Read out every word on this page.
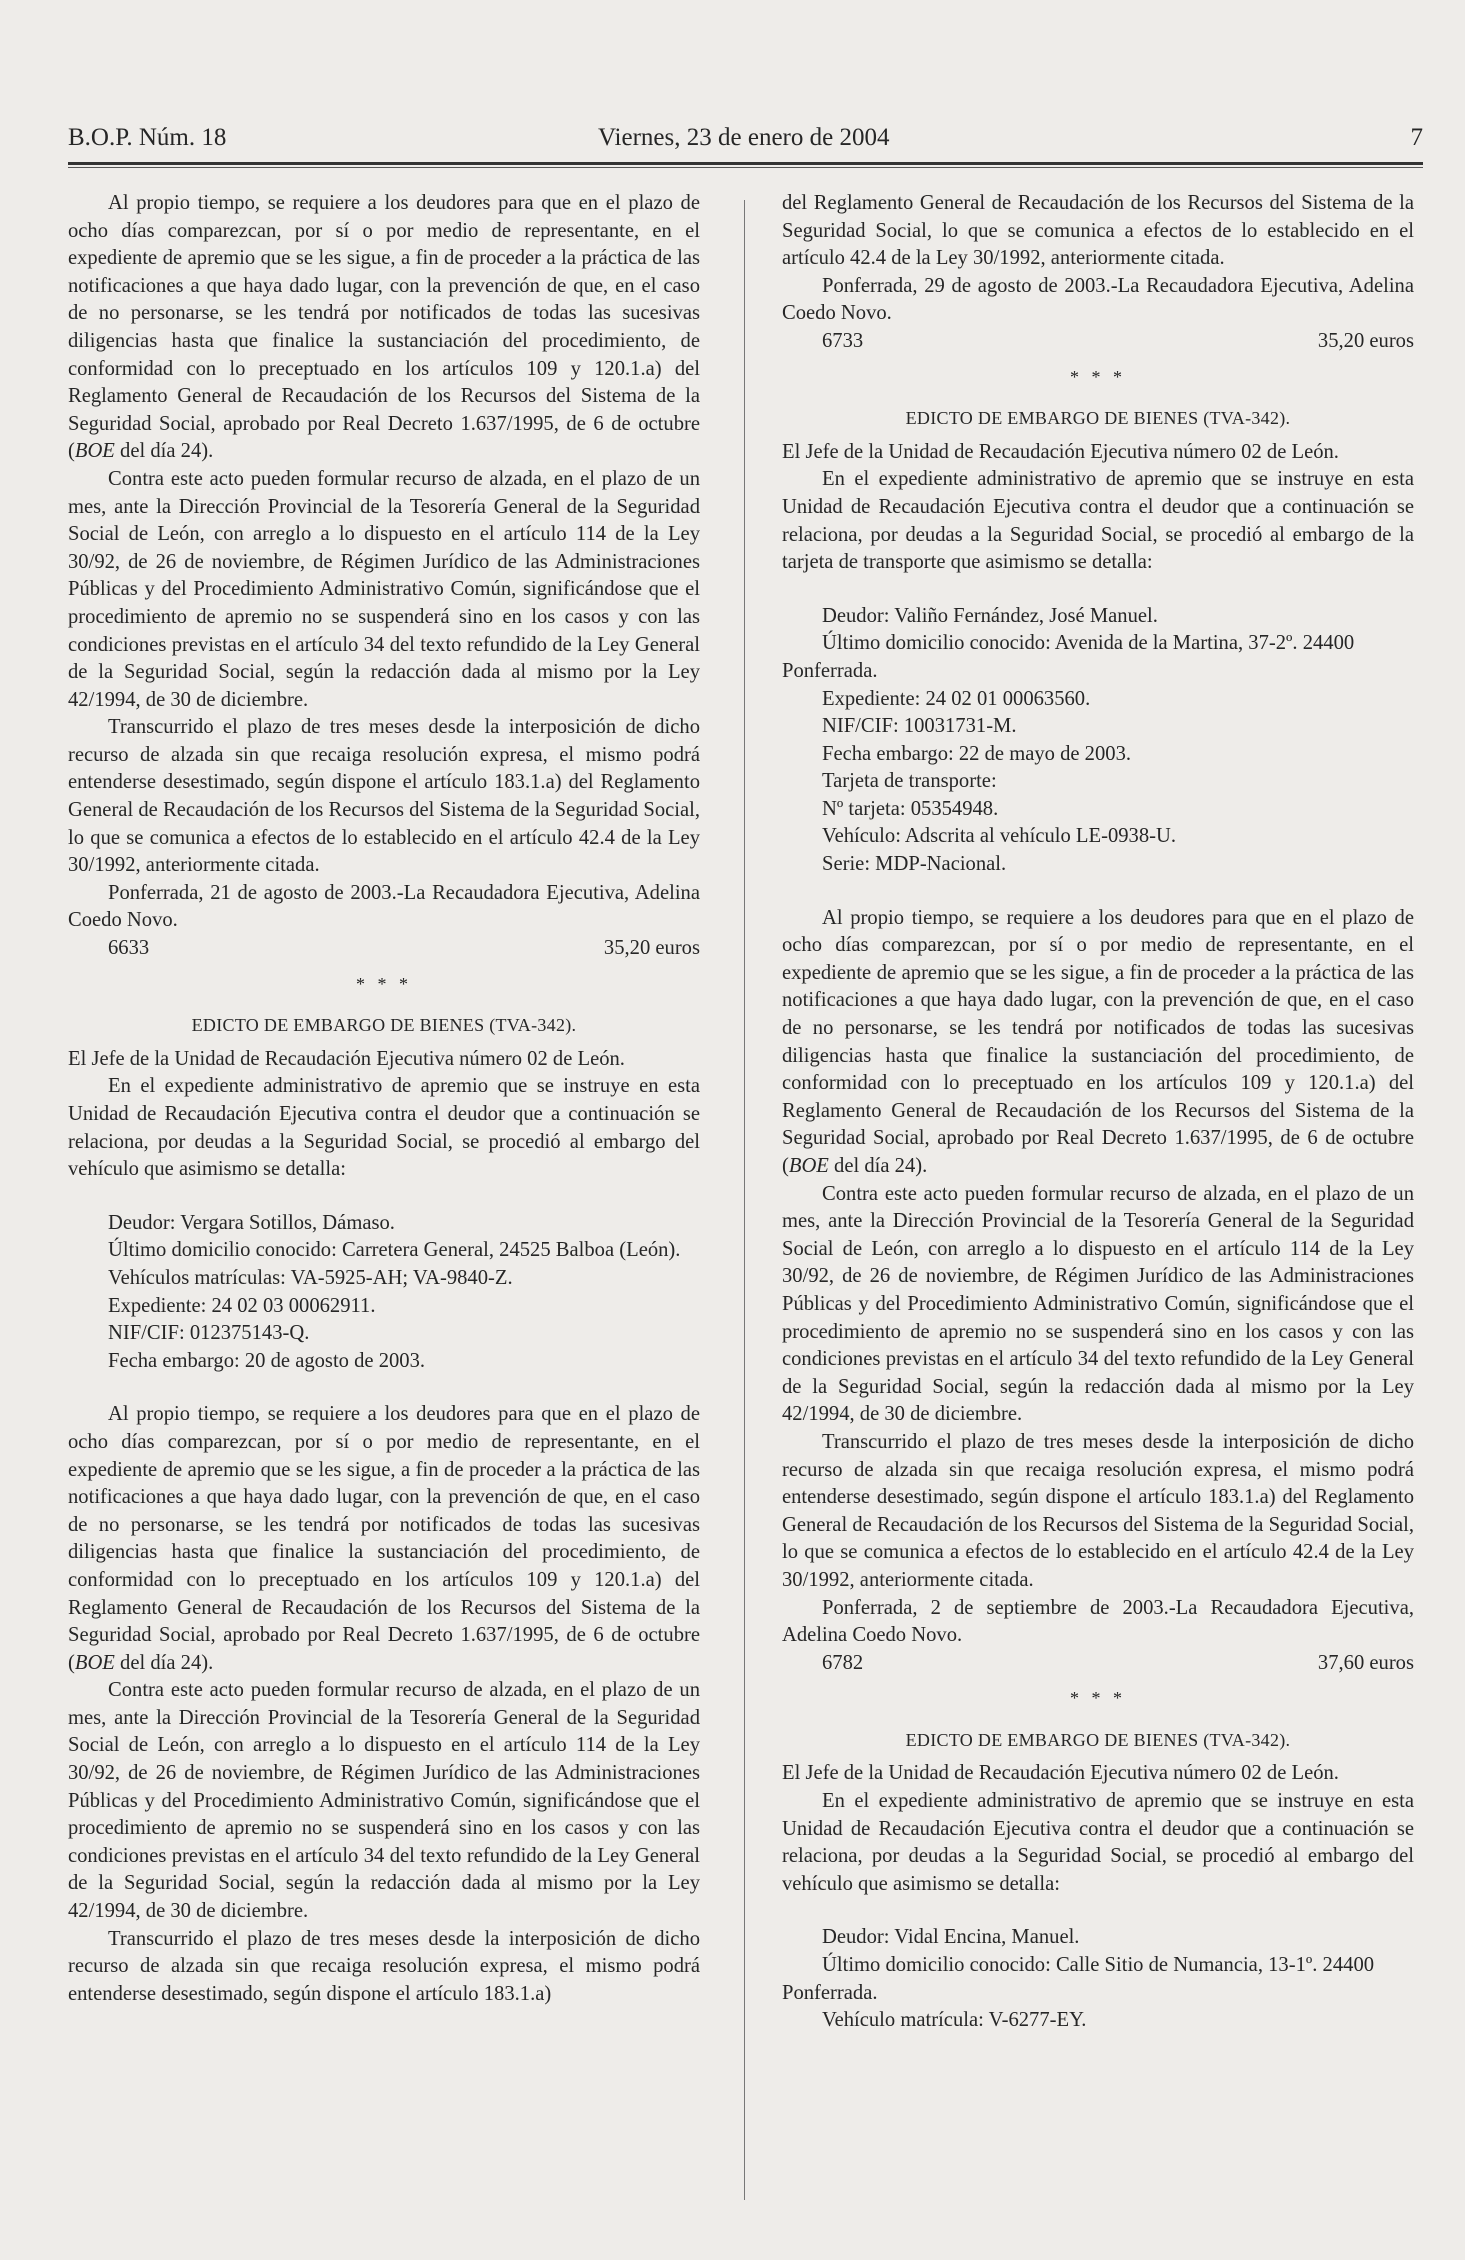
B.O.P. Núm. 18	Viernes, 23 de enero de 2004	7

Al propio tiempo, se requiere a los deudores para que en el plazo de ocho días comparezcan, por sí o por medio de representante, en el expediente de apremio que se les sigue, a fin de proceder a la práctica de las notificaciones a que haya dado lugar, con la prevención de que, en el caso de no personarse, se les tendrá por notificados de todas las sucesivas diligencias hasta que finalice la sustanciación del procedimiento, de conformidad con lo preceptuado en los artículos 109 y 120.1.a) del Reglamento General de Recaudación de los Recursos del Sistema de la Seguridad Social, aprobado por Real Decreto 1.637/1995, de 6 de octubre (BOE del día 24).

Contra este acto pueden formular recurso de alzada, en el plazo de un mes, ante la Dirección Provincial de la Tesorería General de la Seguridad Social de León, con arreglo a lo dispuesto en el artículo 114 de la Ley 30/92, de 26 de noviembre, de Régimen Jurídico de las Administraciones Públicas y del Procedimiento Administrativo Común, significándose que el procedimiento de apremio no se suspenderá sino en los casos y con las condiciones previstas en el artículo 34 del texto refundido de la Ley General de la Seguridad Social, según la redacción dada al mismo por la Ley 42/1994, de 30 de diciembre.

Transcurrido el plazo de tres meses desde la interposición de dicho recurso de alzada sin que recaiga resolución expresa, el mismo podrá entenderse desestimado, según dispone el artículo 183.1.a) del Reglamento General de Recaudación de los Recursos del Sistema de la Seguridad Social, lo que se comunica a efectos de lo establecido en el artículo 42.4 de la Ley 30/1992, anteriormente citada.

Ponferrada, 21 de agosto de 2003.-La Recaudadora Ejecutiva, Adelina Coedo Novo.

6633	35,20 euros
* * *
EDICTO DE EMBARGO DE BIENES (TVA-342).

El Jefe de la Unidad de Recaudación Ejecutiva número 02 de León.

En el expediente administrativo de apremio que se instruye en esta Unidad de Recaudación Ejecutiva contra el deudor que a continuación se relaciona, por deudas a la Seguridad Social, se procedió al embargo del vehículo que asimismo se detalla:

Deudor: Vergara Sotillos, Dámaso.

Último domicilio conocido: Carretera General, 24525 Balboa (León).

Vehículos matrículas: VA-5925-AH; VA-9840-Z.

Expediente: 24 02 03 00062911.

NIF/CIF: 012375143-Q.

Fecha embargo: 20 de agosto de 2003.

Al propio tiempo, se requiere a los deudores para que en el plazo de ocho días comparezcan, por sí o por medio de representante, en el expediente de apremio que se les sigue, a fin de proceder a la práctica de las notificaciones a que haya dado lugar, con la prevención de que, en el caso de no personarse, se les tendrá por notificados de todas las sucesivas diligencias hasta que finalice la sustanciación del procedimiento, de conformidad con lo preceptuado en los artículos 109 y 120.1.a) del Reglamento General de Recaudación de los Recursos del Sistema de la Seguridad Social, aprobado por Real Decreto 1.637/1995, de 6 de octubre (BOE del día 24).

Contra este acto pueden formular recurso de alzada, en el plazo de un mes, ante la Dirección Provincial de la Tesorería General de la Seguridad Social de León, con arreglo a lo dispuesto en el artículo 114 de la Ley 30/92, de 26 de noviembre, de Régimen Jurídico de las Administraciones Públicas y del Procedimiento Administrativo Común, significándose que el procedimiento de apremio no se suspenderá sino en los casos y con las condiciones previstas en el artículo 34 del texto refundido de la Ley General de la Seguridad Social, según la redacción dada al mismo por la Ley 42/1994, de 30 de diciembre.

Transcurrido el plazo de tres meses desde la interposición de dicho recurso de alzada sin que recaiga resolución expresa, el mismo podrá entenderse desestimado, según dispone el artículo 183.1.a)

del Reglamento General de Recaudación de los Recursos del Sistema de la Seguridad Social, lo que se comunica a efectos de lo establecido en el artículo 42.4 de la Ley 30/1992, anteriormente citada.

Ponferrada, 29 de agosto de 2003.-La Recaudadora Ejecutiva, Adelina Coedo Novo.

6733	35,20 euros
* * *
EDICTO DE EMBARGO DE BIENES (TVA-342).

El Jefe de la Unidad de Recaudación Ejecutiva número 02 de León.

En el expediente administrativo de apremio que se instruye en esta Unidad de Recaudación Ejecutiva contra el deudor que a continuación se relaciona, por deudas a la Seguridad Social, se procedió al embargo de la tarjeta de transporte que asimismo se detalla:

Deudor: Valiño Fernández, José Manuel.

Último domicilio conocido: Avenida de la Martina, 37-2º. 24400 Ponferrada.

Expediente: 24 02 01 00063560.

NIF/CIF: 10031731-M.

Fecha embargo: 22 de mayo de 2003.

Tarjeta de transporte:

Nº tarjeta: 05354948.

Vehículo: Adscrita al vehículo LE-0938-U.

Serie: MDP-Nacional.

Al propio tiempo, se requiere a los deudores para que en el plazo de ocho días comparezcan, por sí o por medio de representante, en el expediente de apremio que se les sigue, a fin de proceder a la práctica de las notificaciones a que haya dado lugar, con la prevención de que, en el caso de no personarse, se les tendrá por notificados de todas las sucesivas diligencias hasta que finalice la sustanciación del procedimiento, de conformidad con lo preceptuado en los artículos 109 y 120.1.a) del Reglamento General de Recaudación de los Recursos del Sistema de la Seguridad Social, aprobado por Real Decreto 1.637/1995, de 6 de octubre (BOE del día 24).

Contra este acto pueden formular recurso de alzada, en el plazo de un mes, ante la Dirección Provincial de la Tesorería General de la Seguridad Social de León, con arreglo a lo dispuesto en el artículo 114 de la Ley 30/92, de 26 de noviembre, de Régimen Jurídico de las Administraciones Públicas y del Procedimiento Administrativo Común, significándose que el procedimiento de apremio no se suspenderá sino en los casos y con las condiciones previstas en el artículo 34 del texto refundido de la Ley General de la Seguridad Social, según la redacción dada al mismo por la Ley 42/1994, de 30 de diciembre.

Transcurrido el plazo de tres meses desde la interposición de dicho recurso de alzada sin que recaiga resolución expresa, el mismo podrá entenderse desestimado, según dispone el artículo 183.1.a) del Reglamento General de Recaudación de los Recursos del Sistema de la Seguridad Social, lo que se comunica a efectos de lo establecido en el artículo 42.4 de la Ley 30/1992, anteriormente citada.

Ponferrada, 2 de septiembre de 2003.-La Recaudadora Ejecutiva, Adelina Coedo Novo.

6782	37,60 euros
* * *
EDICTO DE EMBARGO DE BIENES (TVA-342).

El Jefe de la Unidad de Recaudación Ejecutiva número 02 de León.

En el expediente administrativo de apremio que se instruye en esta Unidad de Recaudación Ejecutiva contra el deudor que a continuación se relaciona, por deudas a la Seguridad Social, se procedió al embargo del vehículo que asimismo se detalla:

Deudor: Vidal Encina, Manuel.

Último domicilio conocido: Calle Sitio de Numancia, 13-1º. 24400 Ponferrada.

Vehículo matrícula: V-6277-EY.
